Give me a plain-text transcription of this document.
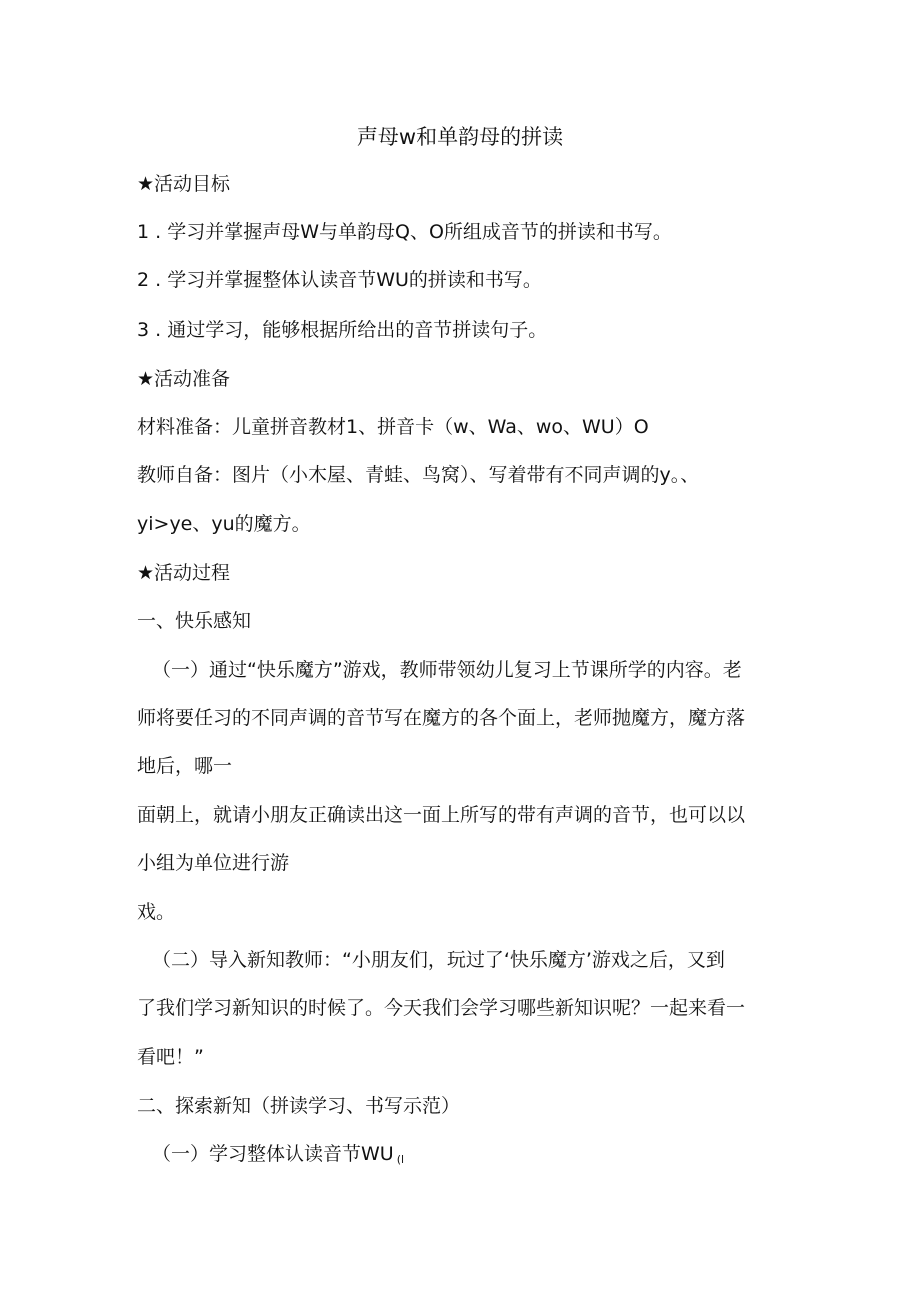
声母w和单韵母的拼读
★活动目标
1 . 学习并掌握声母W与单韵母Q、O所组成音节的拼读和书写。
2 . 学习并掌握整体认读音节WU的拼读和书写。
3 . 通过学习，能够根据所给出的音节拼读句子。
★活动准备
材料准备：儿童拼音教材1、拼音卡（w、Wa、wo、WU）O
教师自备：图片（小木屋、青蛙、鸟窝）、写着带有不同声调的y。、
yi>ye、yu的魔方。
★活动过程
一、快乐感知
（一）通过“快乐魔方”游戏，教师带领幼儿复习上节课所学的内容。老
师将要任习的不同声调的音节写在魔方的各个面上，老师抛魔方，魔方落
地后，哪一
面朝上，就请小朋友正确读出这一面上所写的带有声调的音节，也可以以
小组为单位进行游
戏。
（二）导入新知教师：“小朋友们，玩过了‘快乐魔方’游戏之后，又到
了我们学习新知识的时候了。今天我们会学习哪些新知识呢？一起来看一
看吧！”
二、探索新知（拼读学习、书写示范）
（一）学习整体认读音节WU (l
